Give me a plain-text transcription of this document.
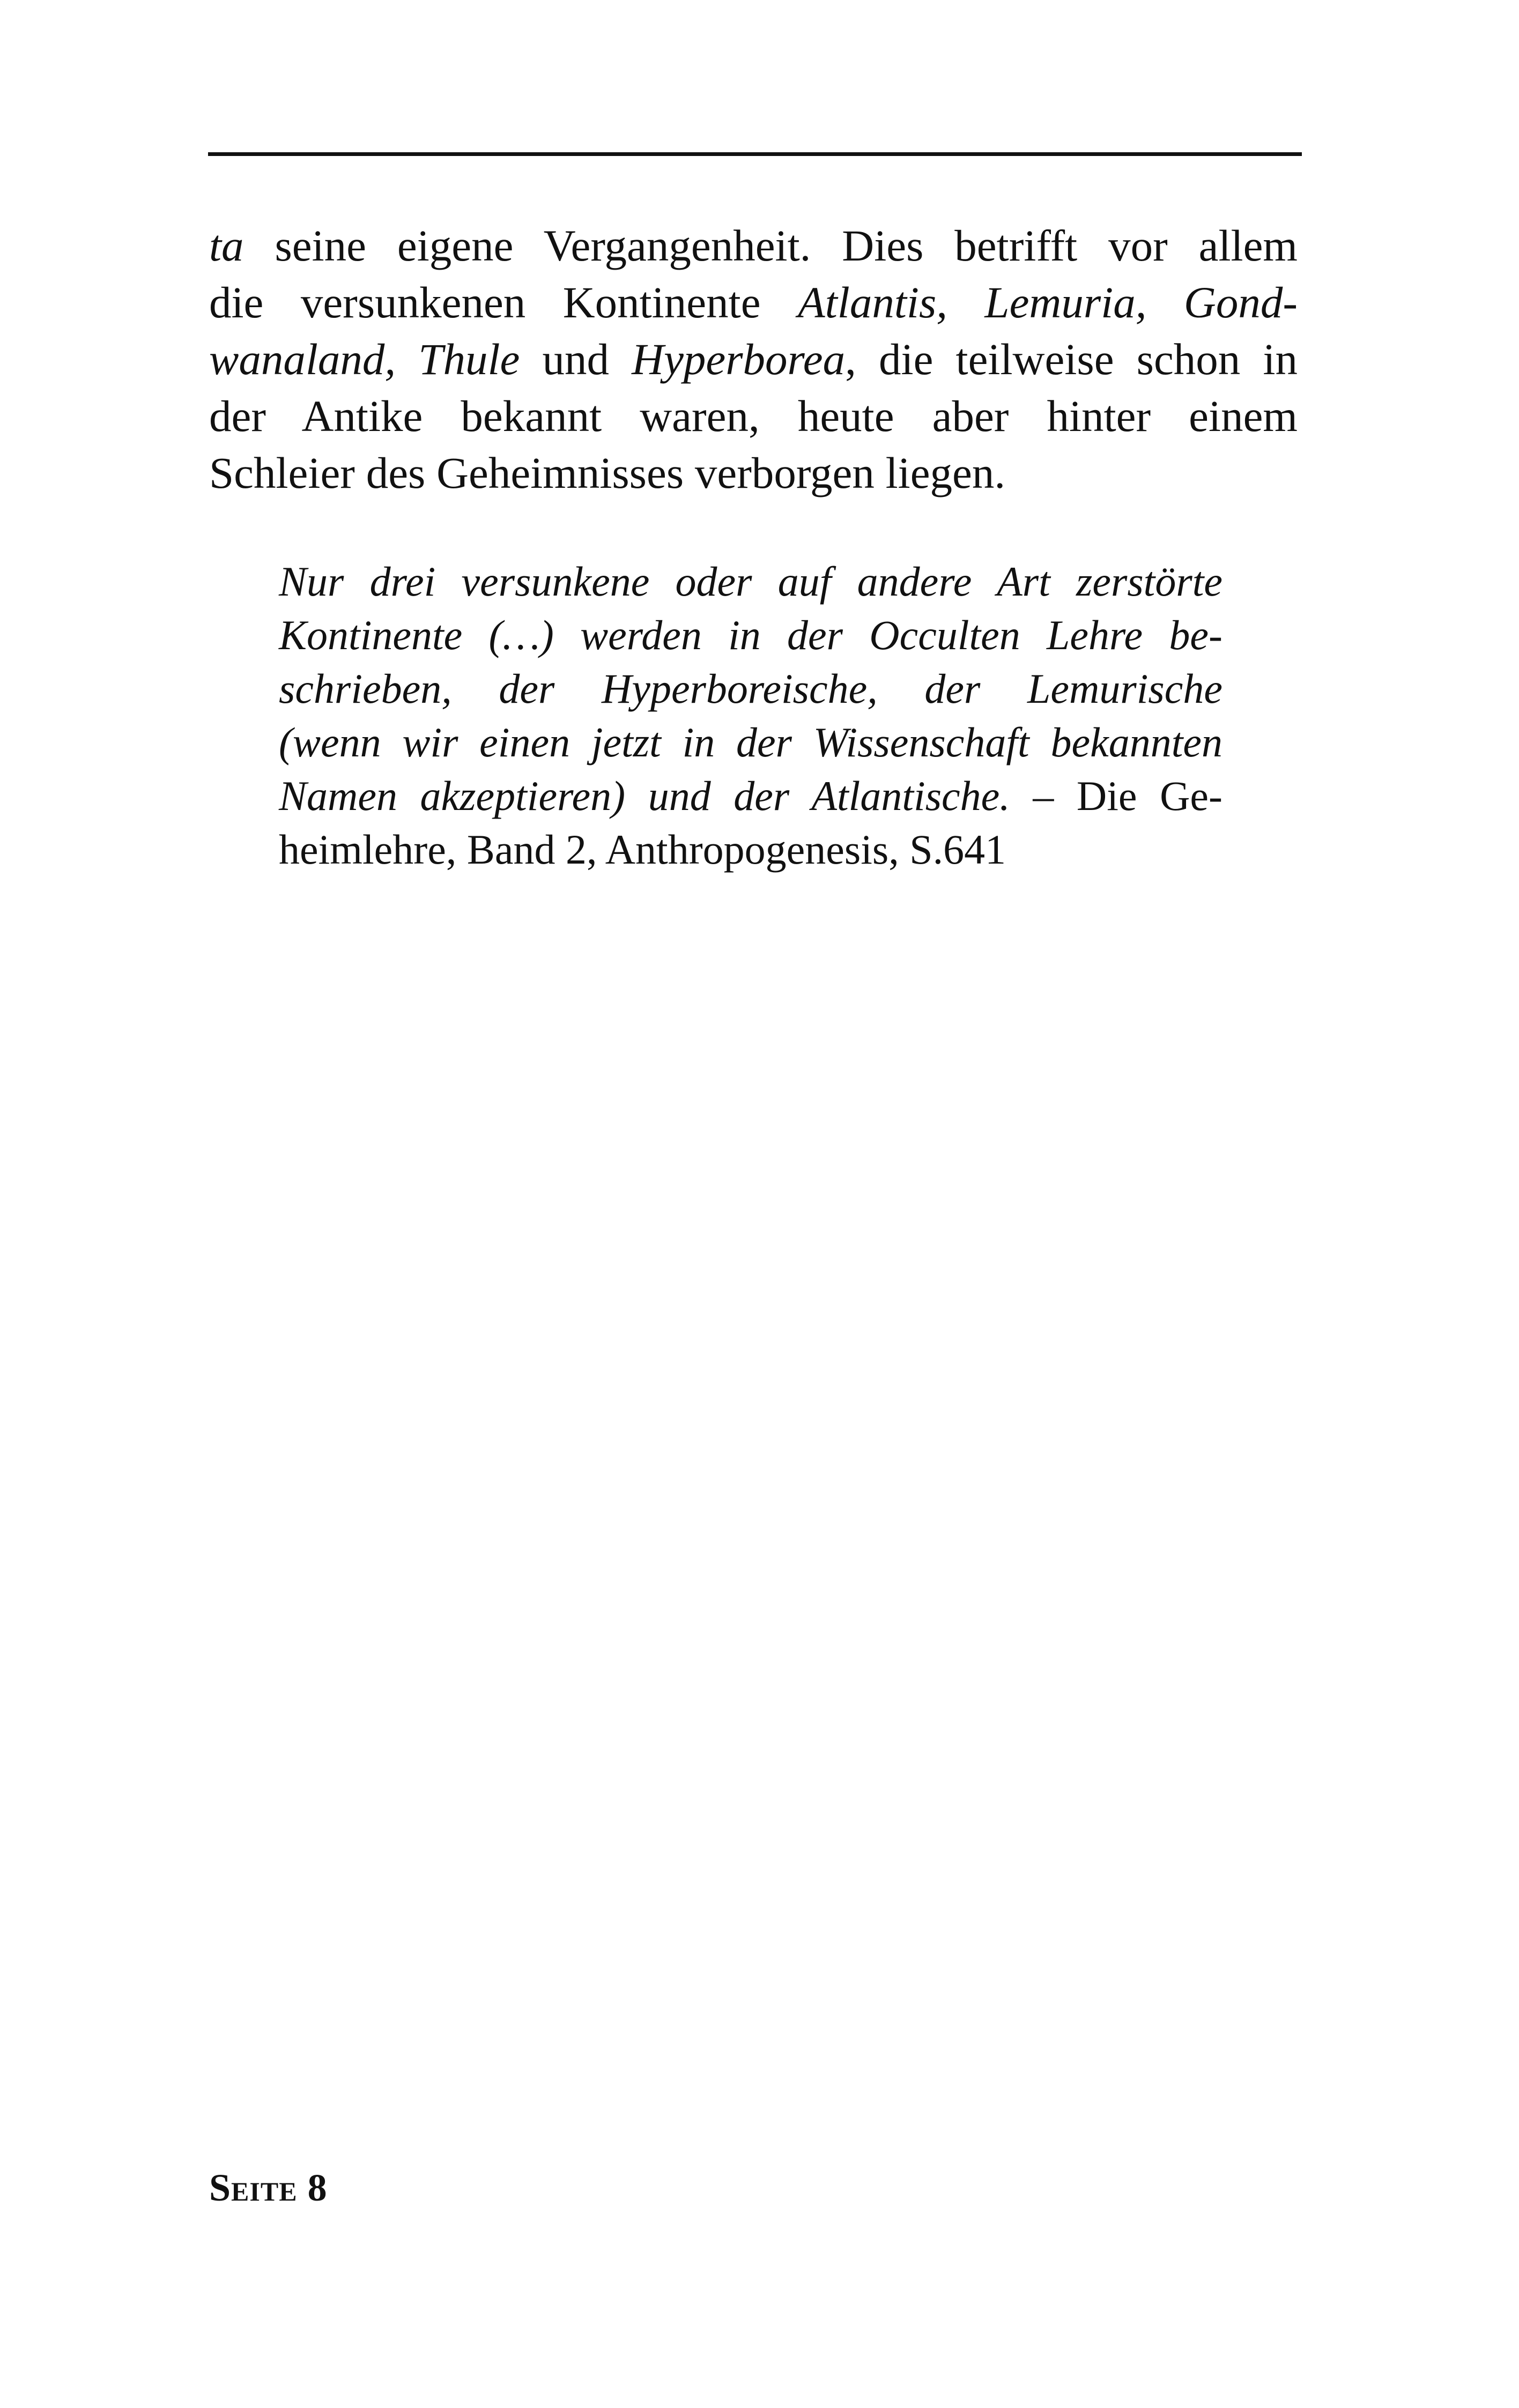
ta seine eigene Vergangenheit. Dies betrifft vor allem
die versunkenen Kontinente Atlantis, Lemuria, Gond-
wanaland, Thule und Hyperborea, die teilweise schon in
der Antike bekannt waren, heute aber hinter einem
Schleier des Geheimnisses verborgen liegen.
Nur drei versunkene oder auf andere Art zerstörte
Kontinente (…) werden in der Occulten Lehre be-
schrieben, der Hyperboreische, der Lemurische
(wenn wir einen jetzt in der Wissenschaft bekannten
Namen akzeptieren) und der Atlantische. – Die Ge-
heimlehre, Band 2, Anthropogenesis, S.641
Seite 8
